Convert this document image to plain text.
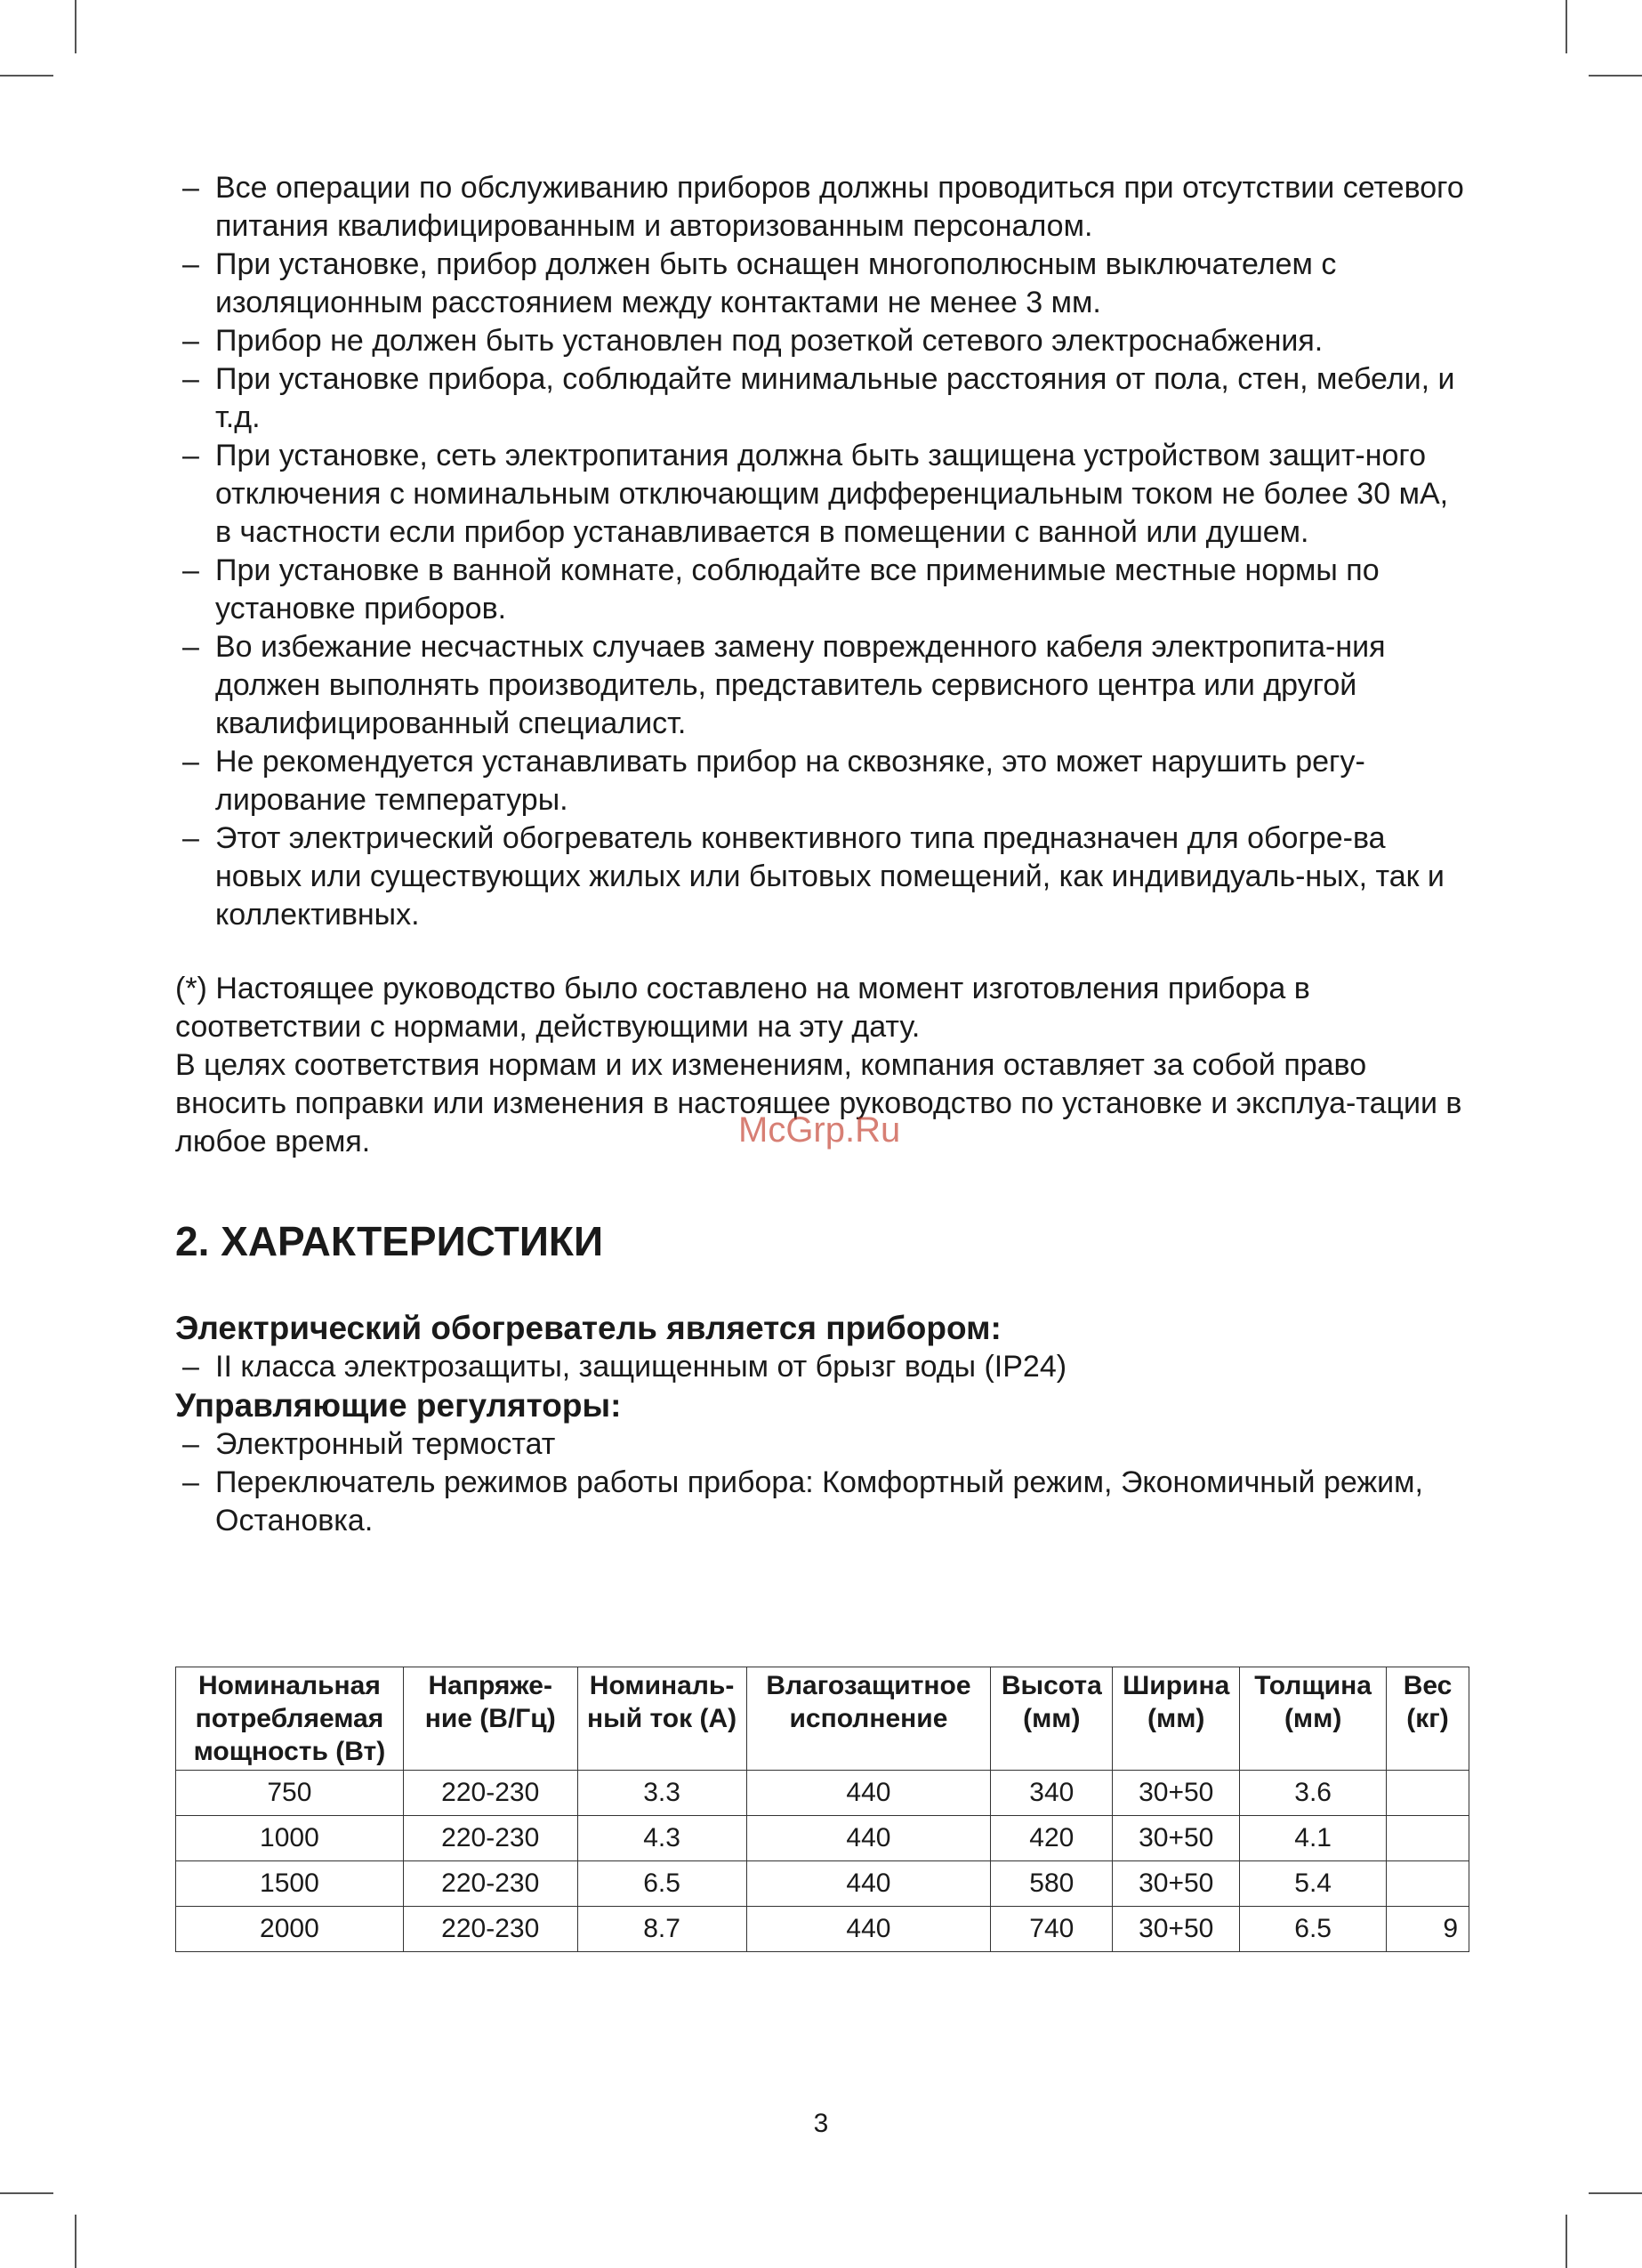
– Все операции по обслуживанию приборов должны проводиться при отсутствии сетевого питания квалифицированным и авторизованным персоналом.
– При установке, прибор должен быть оснащен многополюсным выключателем с изоляционным расстоянием между контактами не менее 3 мм.
– Прибор не должен быть установлен под розеткой сетевого электроснабжения.
– При установке прибора, соблюдайте минимальные расстояния от пола, стен, мебели, и т.д.
– При установке, сеть электропитания должна быть защищена устройством защит-ного отключения с номинальным отключающим дифференциальным током не более 30 мА, в частности если прибор устанавливается в помещении с ванной или душем.
– При установке в ванной комнате, соблюдайте все применимые местные нормы по установке приборов.
– Во избежание несчастных случаев замену поврежденного кабеля электропита-ния должен выполнять производитель, представитель сервисного центра или другой квалифицированный специалист.
– Не рекомендуется устанавливать прибор на сквозняке, это может нарушить регу-лирование температуры.
– Этот электрический обогреватель конвективного типа предназначен для обогре-ва новых или существующих жилых или бытовых помещений, как индивидуаль-ных, так и коллективных.

(*) Настоящее руководство было составлено на момент изготовления прибора в соответствии с нормами, действующими на эту дату.

В целях соответствия нормам и их изменениям, компания оставляет за собой право вносить поправки или изменения в настоящее руководство по установке и эксплуа-тации в любое время.

2. ХАРАКТЕРИСТИКИ
Электрический обогреватель является прибором:
– II класса электрозащиты, защищенным от брызг воды (IP24)
Управляющие регуляторы:
– Электронный термостат
– Переключатель режимов работы прибора: Комфортный режим, Экономичный режим, Остановка.
Номинальная потребляемая мощность (Вт)	Напряже-ние (В/Гц)	Номиналь-ный ток (А)	Влагозащитное исполнение	Высота (мм)	Ширина (мм)	Толщина (мм)	Вес (кг)
750	220-230	3.3	440	340	30+50	3.6	
1000	220-230	4.3	440	420	30+50	4.1	
1500	220-230	6.5	440	580	30+50	5.4	
2000	220-230	8.7	440	740	30+50	6.5	9
McGrp.Ru
3
